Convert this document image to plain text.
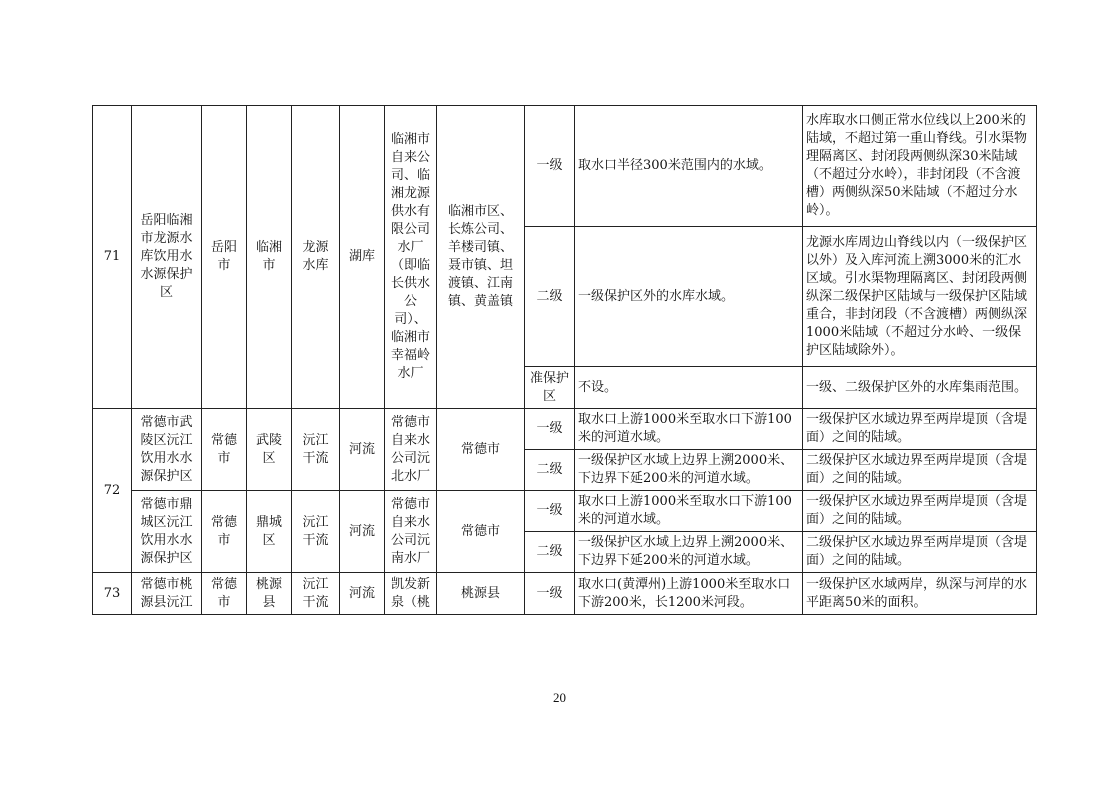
71	岳阳临湘市龙源水库饮用水水源保护区	岳阳市	临湘市	龙源水库	湖库	临湘市自来公司、临湘龙源供水有限公司水厂（即临长供水公司）、临湘市幸福岭水厂	临湘市区、长炼公司、羊楼司镇、聂市镇、坦渡镇、江南镇、黄盖镇	一级	取水口半径300米范围内的水域。	水库取水口侧正常水位线以上200米的陆域，不超过第一重山脊线。引水渠物理隔离区、封闭段两侧纵深30米陆域（不超过分水岭），非封闭段（不含渡槽）两侧纵深50米陆域（不超过分水岭）。
								二级	一级保护区外的水库水域。	龙源水库周边山脊线以内（一级保护区以外）及入库河流上溯3000米的汇水区域。引水渠物理隔离区、封闭段两侧纵深二级保护区陆域与一级保护区陆域重合，非封闭段（不含渡槽）两侧纵深1000米陆域（不超过分水岭、一级保护区陆域除外）。
								准保护区	不设。	一级、二级保护区外的水库集雨范围。
72	常德市武陵区沅江饮用水水源保护区	常德市	武陵区	沅江干流	河流	常德市自来水公司沅北水厂	常德市	一级	取水口上游1000米至取水口下游100米的河道水域。	一级保护区水域边界至两岸堤顶（含堤面）之间的陆域。
								二级	一级保护区水域上边界上溯2000米、下边界下延200米的河道水域。	二级保护区水域边界至两岸堤顶（含堤面）之间的陆域。
	常德市鼎城区沅江饮用水水源保护区	常德市	鼎城区	沅江干流	河流	常德市自来水公司沅南水厂	常德市	一级	取水口上游1000米至取水口下游100米的河道水域。	一级保护区水域边界至两岸堤顶（含堤面）之间的陆域。
								二级	一级保护区水域上边界上溯2000米、下边界下延200米的河道水域。	二级保护区水域边界至两岸堤顶（含堤面）之间的陆域。
73	常德市桃源县沅江	常德市	桃源县	沅江干流	河流	凯发新泉（桃	桃源县	一级	取水口(黄潭州)上游1000米至取水口下游200米，长1200米河段。	一级保护区水域两岸，纵深与河岸的水平距离50米的面积。
20
